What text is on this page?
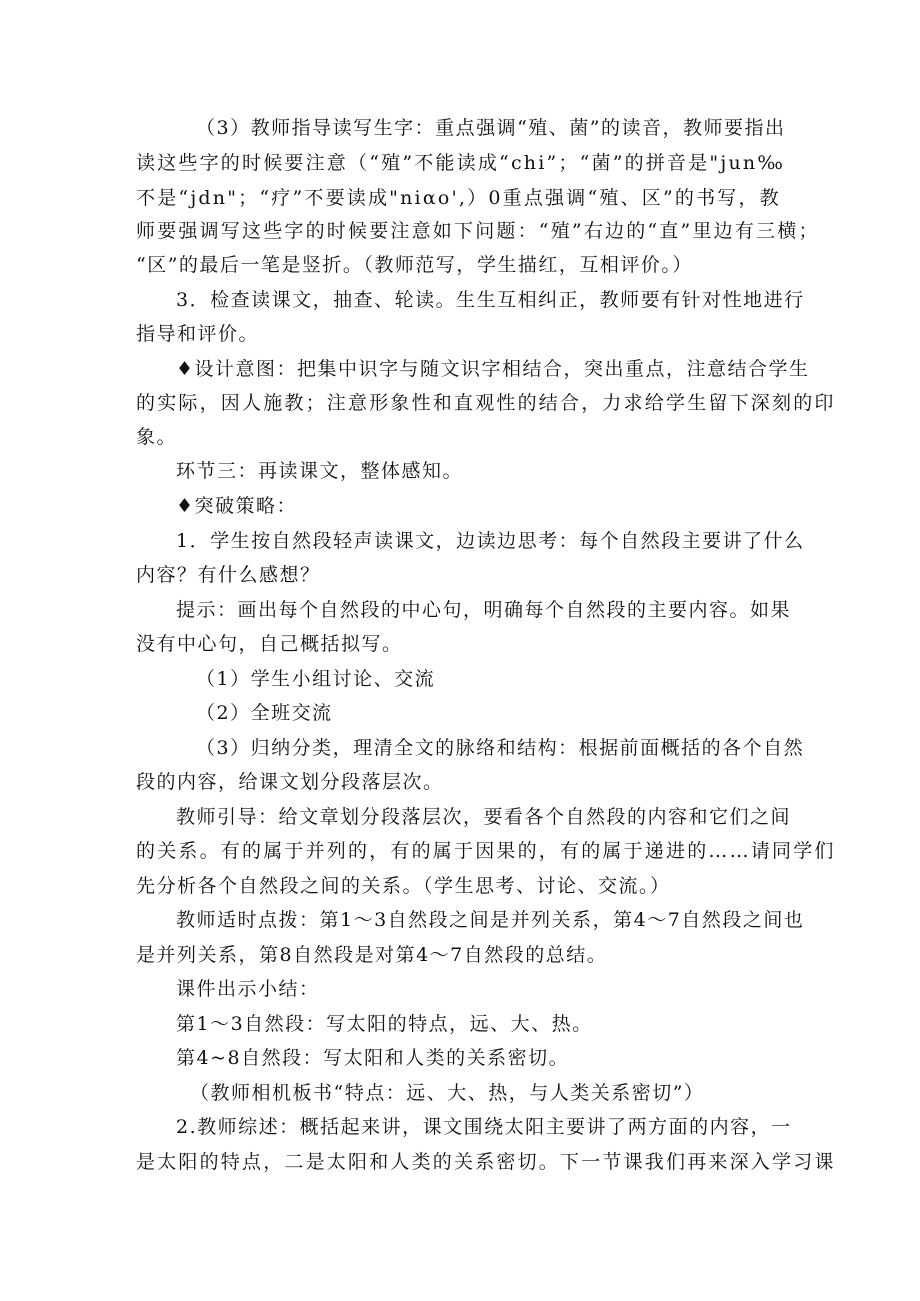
（3）教师指导读写生字：重点强调“殖、菌”的读音，教师要指出
读这些字的时候要注意（“殖”不能读成“chi”；“菌”的拼音是"jun‰
不是“jdn"；“疗”不要读成"niαo',）0重点强调“殖、区”的书写，教
师要强调写这些字的时候要注意如下问题：“殖”右边的“直”里边有三横；
“区”的最后一笔是竖折。（教师范写，学生描红，互相评价。）
3．检查读课文，抽查、轮读。生生互相纠正，教师要有针对性地进行
指导和评价。
♦设计意图：把集中识字与随文识字相结合，突出重点，注意结合学生
的实际，因人施教；注意形象性和直观性的结合，力求给学生留下深刻的印
象。
环节三：再读课文，整体感知。
♦突破策略：
1．学生按自然段轻声读课文，边读边思考：每个自然段主要讲了什么
内容？有什么感想？
提示：画出每个自然段的中心句，明确每个自然段的主要内容。如果
没有中心句，自己概括拟写。
（1）学生小组讨论、交流
（2）全班交流
（3）归纳分类，理清全文的脉络和结构：根据前面概括的各个自然
段的内容，给课文划分段落层次。
教师引导：给文章划分段落层次，要看各个自然段的内容和它们之间
的关系。有的属于并列的，有的属于因果的，有的属于递进的……请同学们
先分析各个自然段之间的关系。（学生思考、讨论、交流。）
教师适时点拨：第1〜3自然段之间是并列关系，第4〜7自然段之间也
是并列关系，第8自然段是对第4〜7自然段的总结。
课件出示小结：
第1〜3自然段：写太阳的特点，远、大、热。
第4~8自然段：写太阳和人类的关系密切。
（教师相机板书“特点：远、大、热，与人类关系密切”）
2.教师综述：概括起来讲，课文围绕太阳主要讲了两方面的内容，一
是太阳的特点，二是太阳和人类的关系密切。下一节课我们再来深入学习课
